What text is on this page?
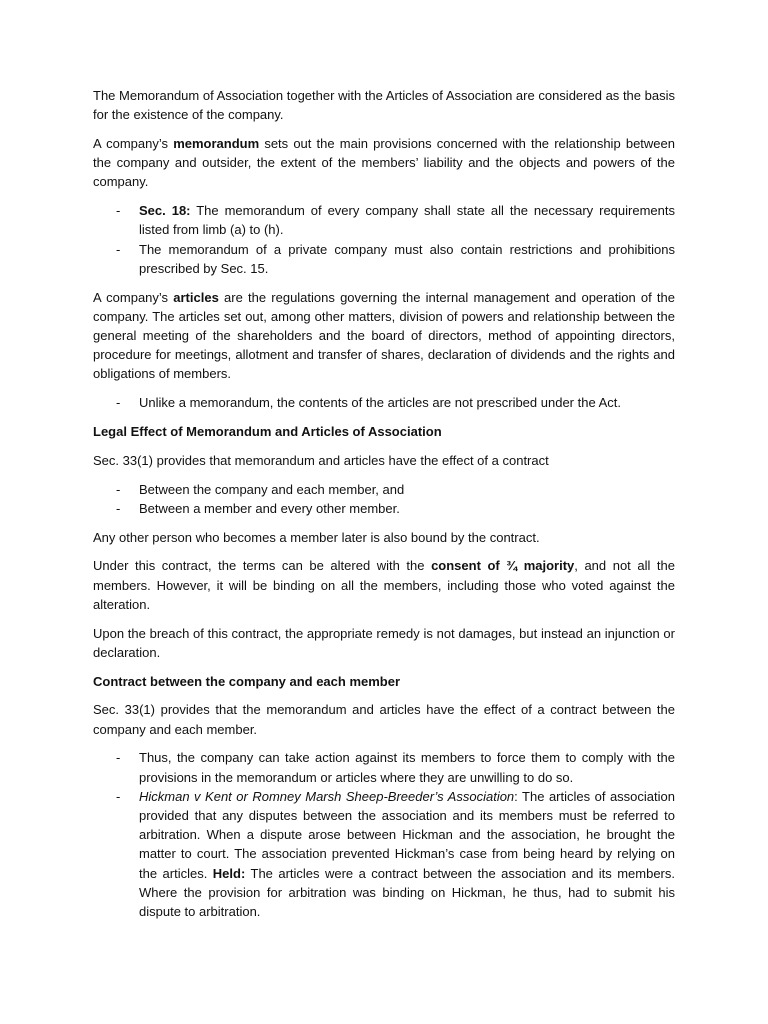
The Memorandum of Association together with the Articles of Association are considered as the basis for the existence of the company.

A company’s memorandum sets out the main provisions concerned with the relationship between the company and outsider, the extent of the members’ liability and the objects and powers of the company.

- Sec. 18: The memorandum of every company shall state all the necessary requirements listed from limb (a) to (h).
- The memorandum of a private company must also contain restrictions and prohibitions prescribed by Sec. 15.

A company’s articles are the regulations governing the internal management and operation of the company. The articles set out, among other matters, division of powers and relationship between the general meeting of the shareholders and the board of directors, method of appointing directors, procedure for meetings, allotment and transfer of shares, declaration of dividends and the rights and obligations of members.

- Unlike a memorandum, the contents of the articles are not prescribed under the Act.
Legal Effect of Memorandum and Articles of Association

Sec. 33(1) provides that memorandum and articles have the effect of a contract

- Between the company and each member, and
- Between a member and every other member.

Any other person who becomes a member later is also bound by the contract.

Under this contract, the terms can be altered with the consent of ¾ majority, and not all the members. However, it will be binding on all the members, including those who voted against the alteration.

Upon the breach of this contract, the appropriate remedy is not damages, but instead an injunction or declaration.

Contract between the company and each member

Sec. 33(1) provides that the memorandum and articles have the effect of a contract between the company and each member.

- Thus, the company can take action against its members to force them to comply with the provisions in the memorandum or articles where they are unwilling to do so.
- Hickman v Kent or Romney Marsh Sheep-Breeder’s Association: The articles of association provided that any disputes between the association and its members must be referred to arbitration. When a dispute arose between Hickman and the association, he brought the matter to court. The association prevented Hickman’s case from being heard by relying on the articles. Held: The articles were a contract between the association and its members. Where the provision for arbitration was binding on Hickman, he thus, had to submit his dispute to arbitration.
